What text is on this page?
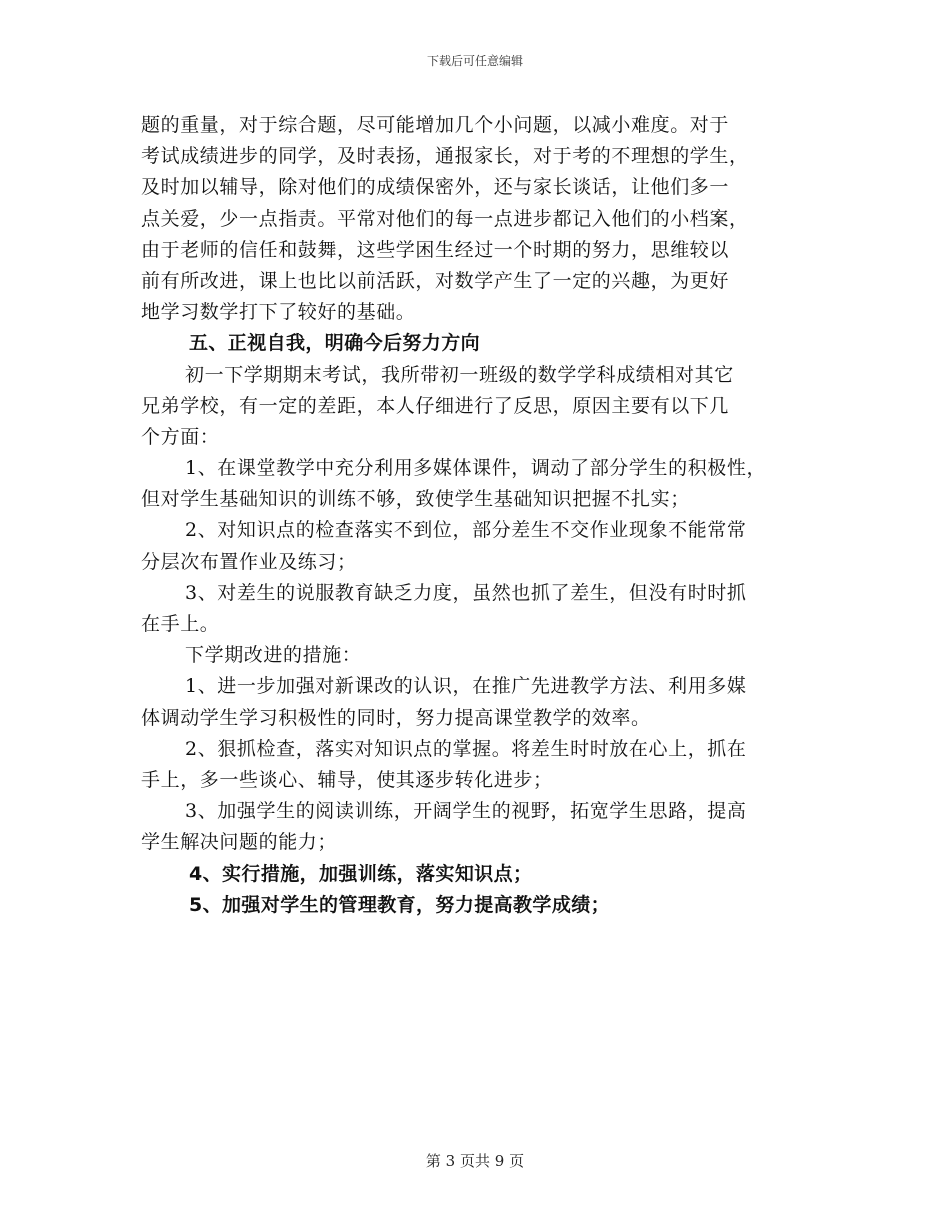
下载后可任意编辑
题的重量，对于综合题，尽可能增加几个小问题，以减小难度。对于
考试成绩进步的同学，及时表扬，通报家长，对于考的不理想的学生，
及时加以辅导，除对他们的成绩保密外，还与家长谈话，让他们多一
点关爱，少一点指责。平常对他们的每一点进步都记入他们的小档案，
由于老师的信任和鼓舞，这些学困生经过一个时期的努力，思维较以
前有所改进，课上也比以前活跃，对数学产生了一定的兴趣，为更好
地学习数学打下了较好的基础。
五、正视自我，明确今后努力方向
初一下学期期末考试，我所带初一班级的数学学科成绩相对其它
兄弟学校，有一定的差距，本人仔细进行了反思，原因主要有以下几
个方面：
1、在课堂教学中充分利用多媒体课件，调动了部分学生的积极性，
但对学生基础知识的训练不够，致使学生基础知识把握不扎实；
2、对知识点的检查落实不到位，部分差生不交作业现象不能常常
分层次布置作业及练习；
3、对差生的说服教育缺乏力度，虽然也抓了差生，但没有时时抓
在手上。
下学期改进的措施：
1、进一步加强对新课改的认识，在推广先进教学方法、利用多媒
体调动学生学习积极性的同时，努力提高课堂教学的效率。
2、狠抓检查，落实对知识点的掌握。将差生时时放在心上，抓在
手上，多一些谈心、辅导，使其逐步转化进步；
3、加强学生的阅读训练，开阔学生的视野，拓宽学生思路，提高
学生解决问题的能力；
4、实行措施，加强训练，落实知识点；
5、加强对学生的管理教育，努力提高教学成绩；
第 3 页共 9 页
